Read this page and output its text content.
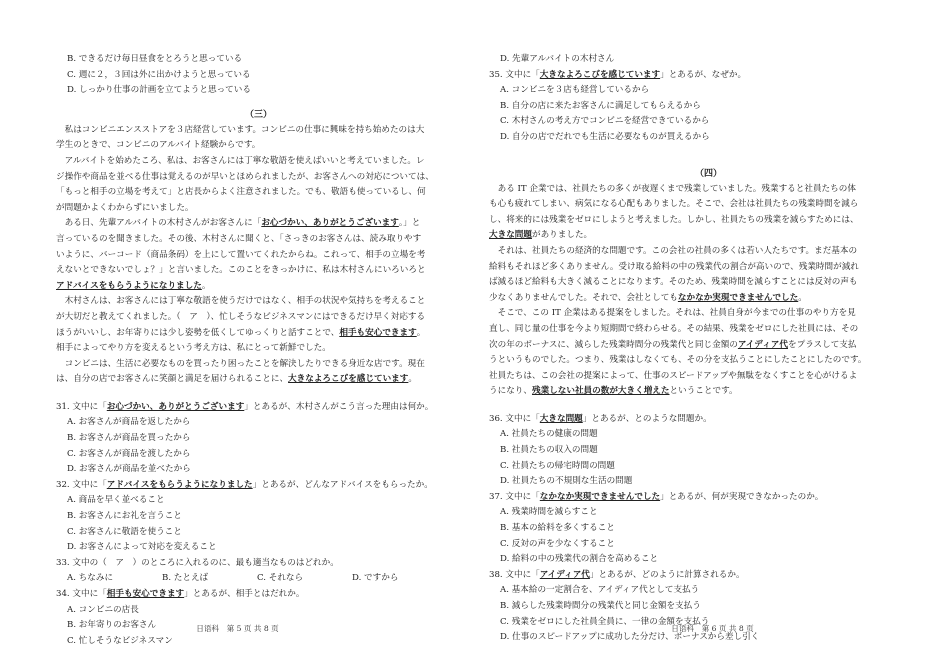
B. できるだけ毎日昼食をとろうと思っている
C. 週に２，３回は外に出かけようと思っている
D. しっかり仕事の計画を立てようと思っている
（三）
　私はコンビニエンスストアを３店経営しています。コンビニの仕事に興味を持ち始めたのは大
学生のときで、コンビニのアルバイト経験からです。
　アルバイトを始めたころ、私は、お客さんには丁寧な敬語を使えばいいと考えていました。レ
ジ操作や商品を並べる仕事は覚えるのが早いとほめられましたが、お客さんへの対応については、
「もっと相手の立場を考えて」と店長からよく注意されました。でも、敬語も使っているし、何
が問題かよくわからずにいました。
　ある日、先輩アルバイトの木村さんがお客さんに「お心づかい、ありがとうございます。」と
言っているのを聞きました。その後、木村さんに聞くと、「さっきのお客さんは、読み取りやす
いように、バーコード（商品条码）を上にして置いてくれたからね。これって、相手の立場を考
えないとできないでしょ？」と言いました。このことをきっかけに、私は木村さんにいろいろと
アドバイスをもらうようになりました。
　木村さんは、お客さんには丁寧な敬語を使うだけではなく、相手の状況や気持ちを考えること
が大切だと教えてくれました。（　ア　）、忙しそうなビジネスマンにはできるだけ早く対応する
ほうがいいし、お年寄りには少し姿勢を低くしてゆっくりと話すことで、相手も安心できます。
相手によってやり方を変えるという考え方は、私にとって新鮮でした。
　コンビニは、生活に必要なものを買ったり困ったことを解決したりできる身近な店です。現在
は、自分の店でお客さんに笑顔と満足を届けられることに、大きなよろこびを感じています。
31. 文中に「お心づかい、ありがとうございます」とあるが、木村さんがこう言った理由は何か。
A. お客さんが商品を返したから
B. お客さんが商品を買ったから
C. お客さんが商品を渡したから
D. お客さんが商品を並べたから
32. 文中に「アドバイスをもらうようになりました」とあるが、どんなアドバイスをもらったか。
A. 商品を早く並べること
B. お客さんにお礼を言うこと
C. お客さんに敬語を使うこと
D. お客さんによって対応を変えること
33. 文中の（　ア　）のところに入れるのに、最も適当なものはどれか。
A. ちなみに	B. たとえば	C. それなら	D. ですから
34. 文中に「相手も安心できます」とあるが、相手とはだれか。
A. コンビニの店長
B. お年寄りのお客さん
C. 忙しそうなビジネスマン
日语科　第 5 页 共 8 页
D. 先輩アルバイトの木村さん
35. 文中に「大きなよろこびを感じています」とあるが、なぜか。
A. コンビニを３店も経営しているから
B. 自分の店に来たお客さんに満足してもらえるから
C. 木村さんの考え方でコンビニを経営できているから
D. 自分の店でだれでも生活に必要なものが買えるから
（四）
　ある IT 企業では、社員たちの多くが夜遅くまで残業していました。残業すると社員たちの体
も心も疲れてしまい、病気になる心配もありました。そこで、会社は社員たちの残業時間を減ら
し、将来的には残業をゼロにしようと考えました。しかし、社員たちの残業を減らすためには、
大きな問題がありました。
　それは、社員たちの経済的な問題です。この会社の社員の多くは若い人たちです。まだ基本の
給料もそれほど多くありません。受け取る給料の中の残業代の割合が高いので、残業時間が減れ
ば減るほど給料も大きく減ることになります。そのため、残業時間を減らすことには反対の声も
少なくありませんでした。それで、会社としてもなかなか実現できませんでした。
　そこで、この IT 企業はある提案をしました。それは、社員自身が今までの仕事のやり方を見
直し、同じ量の仕事を今より短期間で終わらせる。その結果、残業をゼロにした社員には、その
次の年のボーナスに、減らした残業時間分の残業代と同じ金額のアイディア代をプラスして支払
うというものでした。つまり、残業はしなくても、その分を支払うことにしたことにしたのです。
社員たちは、この会社の提案によって、仕事のスピードアップや無駄をなくすことを心がけるよ
うになり、残業しない社員の数が大きく増えたということです。
36. 文中に「大きな問題」とあるが、とのような問題か。
A. 社員たちの健康の問題
B. 社員たちの収入の問題
C. 社員たちの帰宅時間の問題
D. 社員たちの不規則な生活の問題
37. 文中に「なかなか実現できませんでした」とあるが、何が実現できなかったのか。
A. 残業時間を減らすこと
B. 基本の給料を多くすること
C. 反対の声を少なくすること
D. 給料の中の残業代の割合を高めること
38. 文中に「アイディア代」とあるが、どのように計算されるか。
A. 基本給の一定割合を、アイディア代として支払う
B. 減らした残業時間分の残業代と同じ金額を支払う
C. 残業をゼロにした社員全員に、一律の金額を支払う
D. 仕事のスピードアップに成功した分だけ、ボーナスから差し引く
日语科　第 6 页 共 8 页
